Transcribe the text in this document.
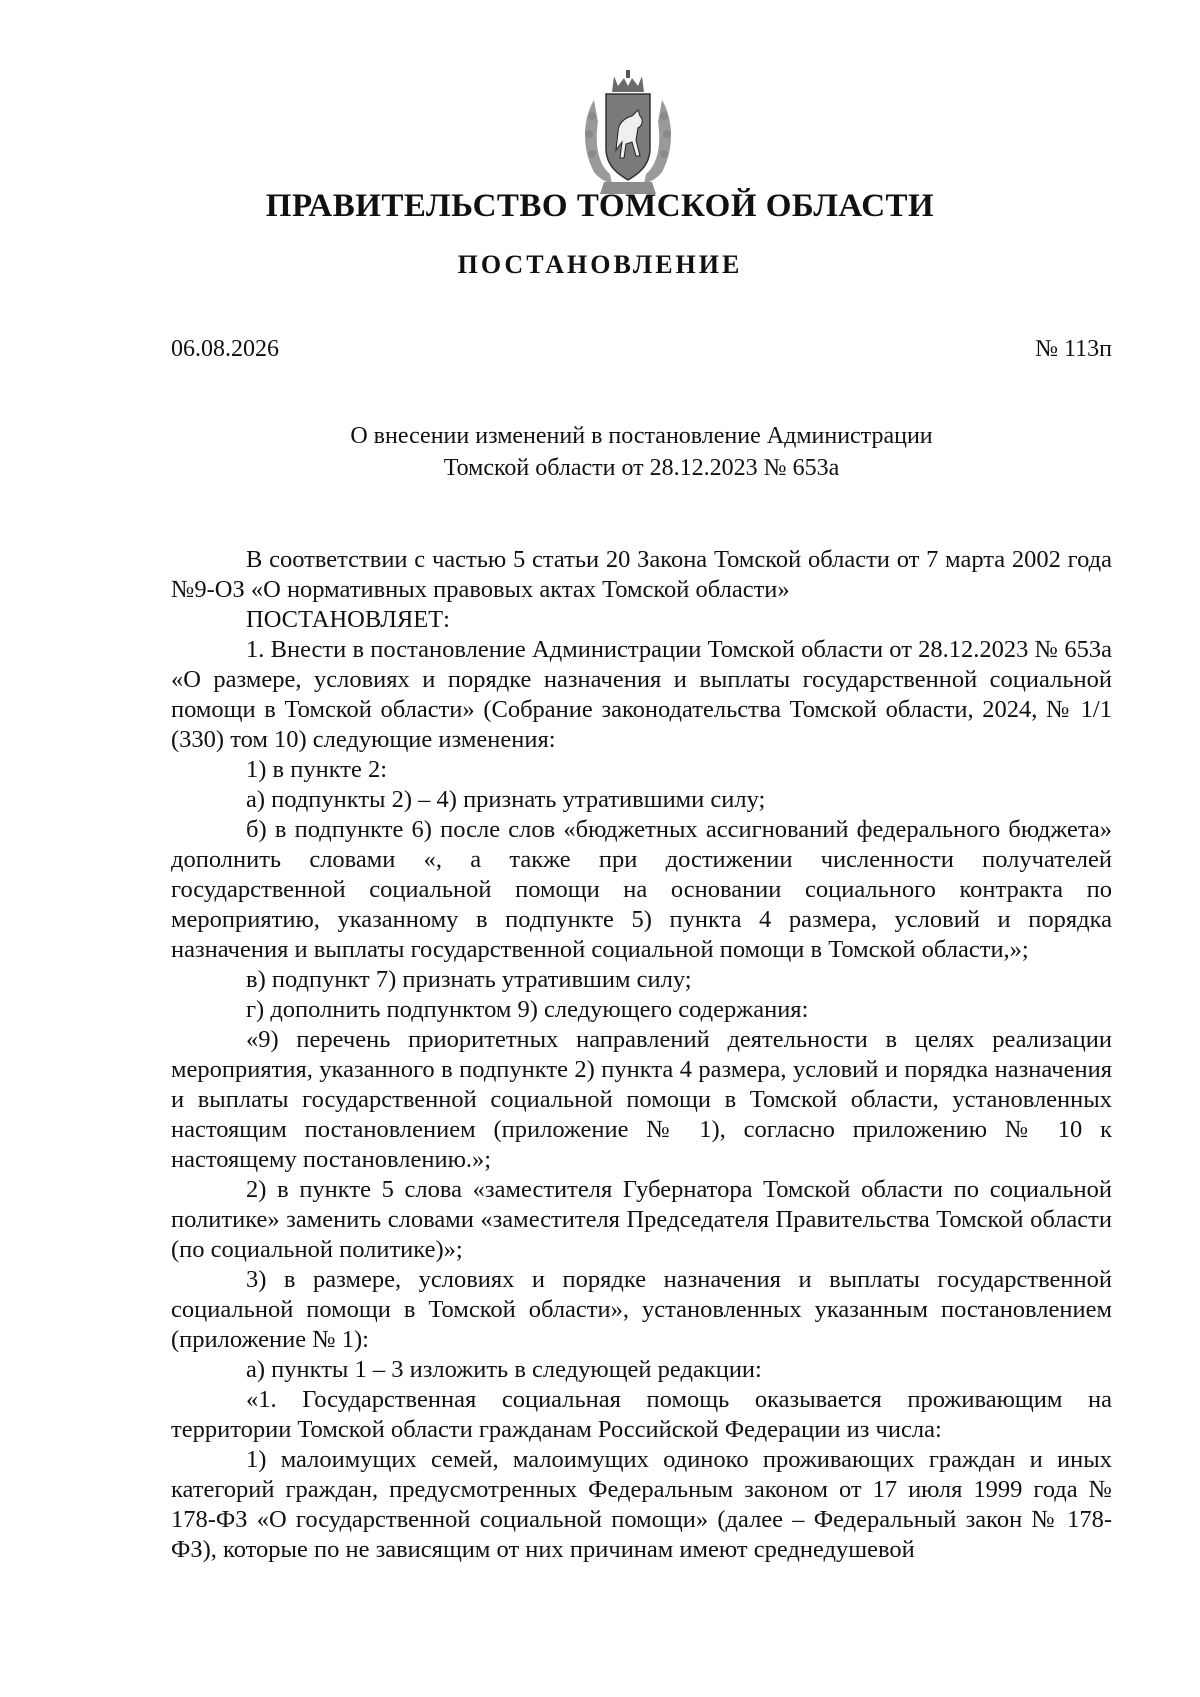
ПРАВИТЕЛЬСТВО ТОМСКОЙ ОБЛАСТИ
ПОСТАНОВЛЕНИЕ
06.08.2026	№ 113п
О внесении изменений в постановление Администрации
Томской области от 28.12.2023 № 653а

В соответствии с частью 5 статьи 20 Закона Томской области от 7 марта 2002 года №9-ОЗ «О нормативных правовых актах Томской области»

ПОСТАНОВЛЯЕТ:

1. Внести в постановление Администрации Томской области от 28.12.2023 № 653а «О размере, условиях и порядке назначения и выплаты государственной социальной помощи в Томской области» (Собрание законодательства Томской области, 2024, № 1/1 (330) том 10) следующие изменения:

1) в пункте 2:

а) подпункты 2) – 4) признать утратившими силу;

б) в подпункте 6) после слов «бюджетных ассигнований федерального бюджета» дополнить словами «, а также при достижении численности получателей государственной социальной помощи на основании социального контракта по мероприятию, указанному в подпункте 5) пункта 4 размера, условий и порядка назначения и выплаты государственной социальной помощи в Томской области,»;

в) подпункт 7) признать утратившим силу;

г) дополнить подпунктом 9) следующего содержания:

«9) перечень приоритетных направлений деятельности в целях реализации мероприятия, указанного в подпункте 2) пункта 4 размера, условий и порядка назначения и выплаты государственной социальной помощи в Томской области, установленных настоящим постановлением (приложение № 1), согласно приложению № 10 к настоящему постановлению.»;

2) в пункте 5 слова «заместителя Губернатора Томской области по социальной политике» заменить словами «заместителя Председателя Правительства Томской области (по социальной политике)»;

3) в размере, условиях и порядке назначения и выплаты государственной социальной помощи в Томской области», установленных указанным постановлением (приложение № 1):

а) пункты 1 – 3 изложить в следующей редакции:

«1. Государственная социальная помощь оказывается проживающим на территории Томской области гражданам Российской Федерации из числа:

1) малоимущих семей, малоимущих одиноко проживающих граждан и иных категорий граждан, предусмотренных Федеральным законом от 17 июля 1999 года № 178-ФЗ «О государственной социальной помощи» (далее – Федеральный закон № 178-ФЗ), которые по не зависящим от них причинам имеют среднедушевой
